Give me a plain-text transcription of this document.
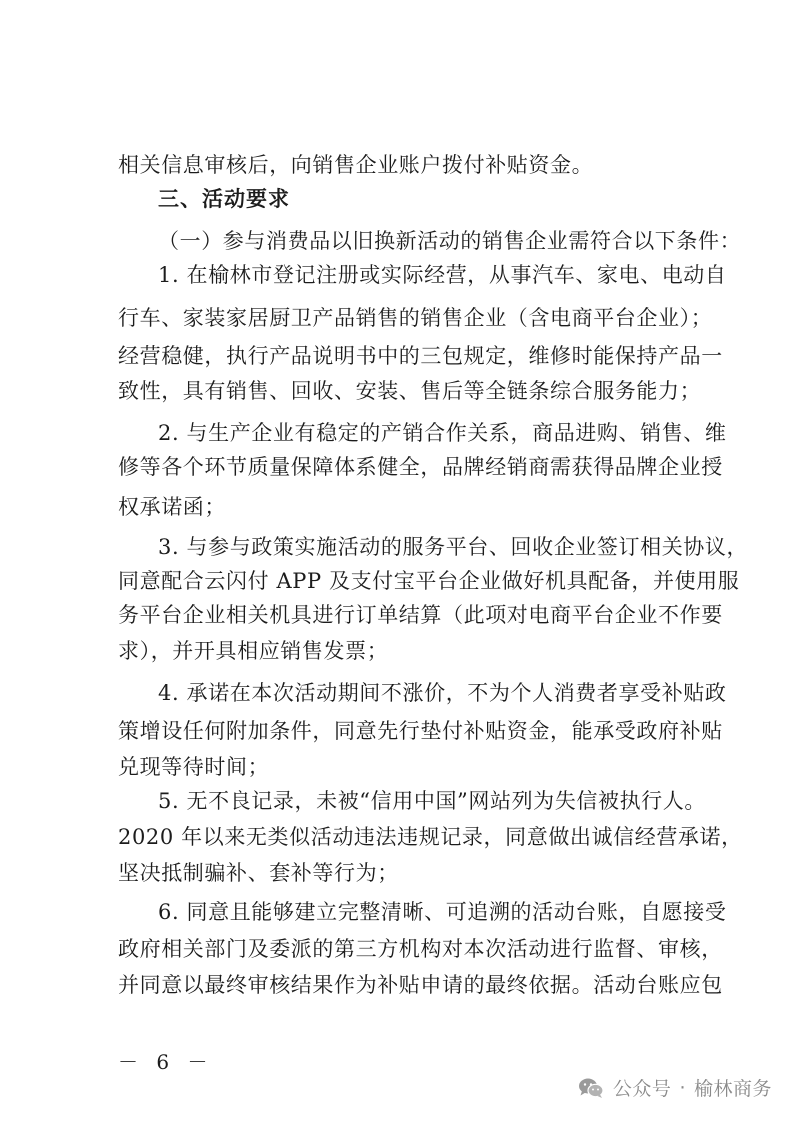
相关信息审核后，向销售企业账户拨付补贴资金。
三、活动要求
（一）参与消费品以旧换新活动的销售企业需符合以下条件：
1. 在榆林市登记注册或实际经营，从事汽车、家电、电动自
行车、家装家居厨卫产品销售的销售企业（含电商平台企业）；
经营稳健，执行产品说明书中的三包规定，维修时能保持产品一
致性，具有销售、回收、安装、售后等全链条综合服务能力；
2. 与生产企业有稳定的产销合作关系，商品进购、销售、维
修等各个环节质量保障体系健全，品牌经销商需获得品牌企业授
权承诺函；
3. 与参与政策实施活动的服务平台、回收企业签订相关协议，
同意配合云闪付 APP 及支付宝平台企业做好机具配备，并使用服
务平台企业相关机具进行订单结算（此项对电商平台企业不作要
求），并开具相应销售发票；
4. 承诺在本次活动期间不涨价，不为个人消费者享受补贴政
策增设任何附加条件，同意先行垫付补贴资金，能承受政府补贴
兑现等待时间；
5. 无不良记录，未被“信用中国”网站列为失信被执行人。
2020 年以来无类似活动违法违规记录，同意做出诚信经营承诺，
坚决抵制骗补、套补等行为；
6. 同意且能够建立完整清晰、可追溯的活动台账，自愿接受
政府相关部门及委派的第三方机构对本次活动进行监督、审核，
并同意以最终审核结果作为补贴申请的最终依据。活动台账应包
－ 6 －
公众号 · 榆林商务
